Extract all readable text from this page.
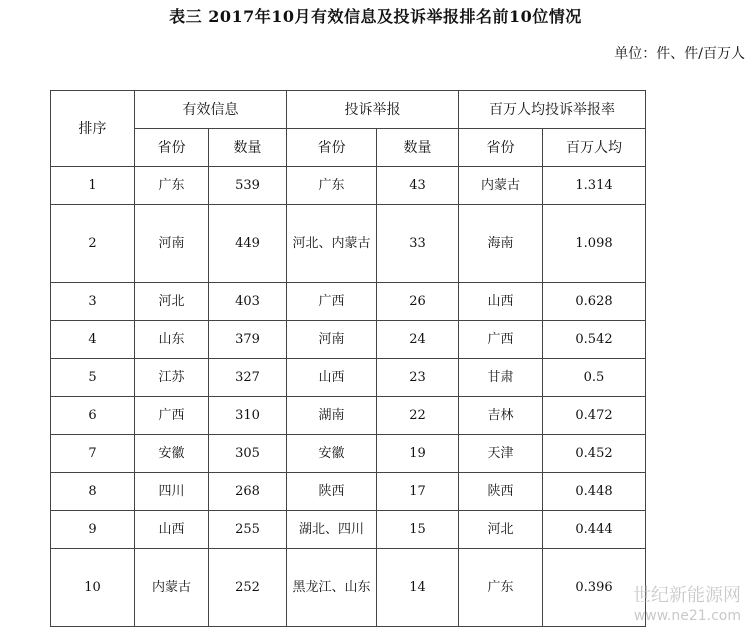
表三 2017年10月有效信息及投诉举报排名前10位情况
单位：件、件/百万人
排序	有效信息		投诉举报		百万人均投诉举报率	
	省份	数量	省份	数量	省份	百万人均
1	广东	539	广东	43	内蒙古	1.314
2	河南	449	河北、内蒙古	33	海南	1.098
3	河北	403	广西	26	山西	0.628
4	山东	379	河南	24	广西	0.542
5	江苏	327	山西	23	甘肃	0.5
6	广西	310	湖南	22	吉林	0.472
7	安徽	305	安徽	19	天津	0.452
8	四川	268	陕西	17	陕西	0.448
9	山西	255	湖北、四川	15	河北	0.444
10	内蒙古	252	黑龙江、山东	14	广东	0.396 世纪新能源网
www.ne21.com
